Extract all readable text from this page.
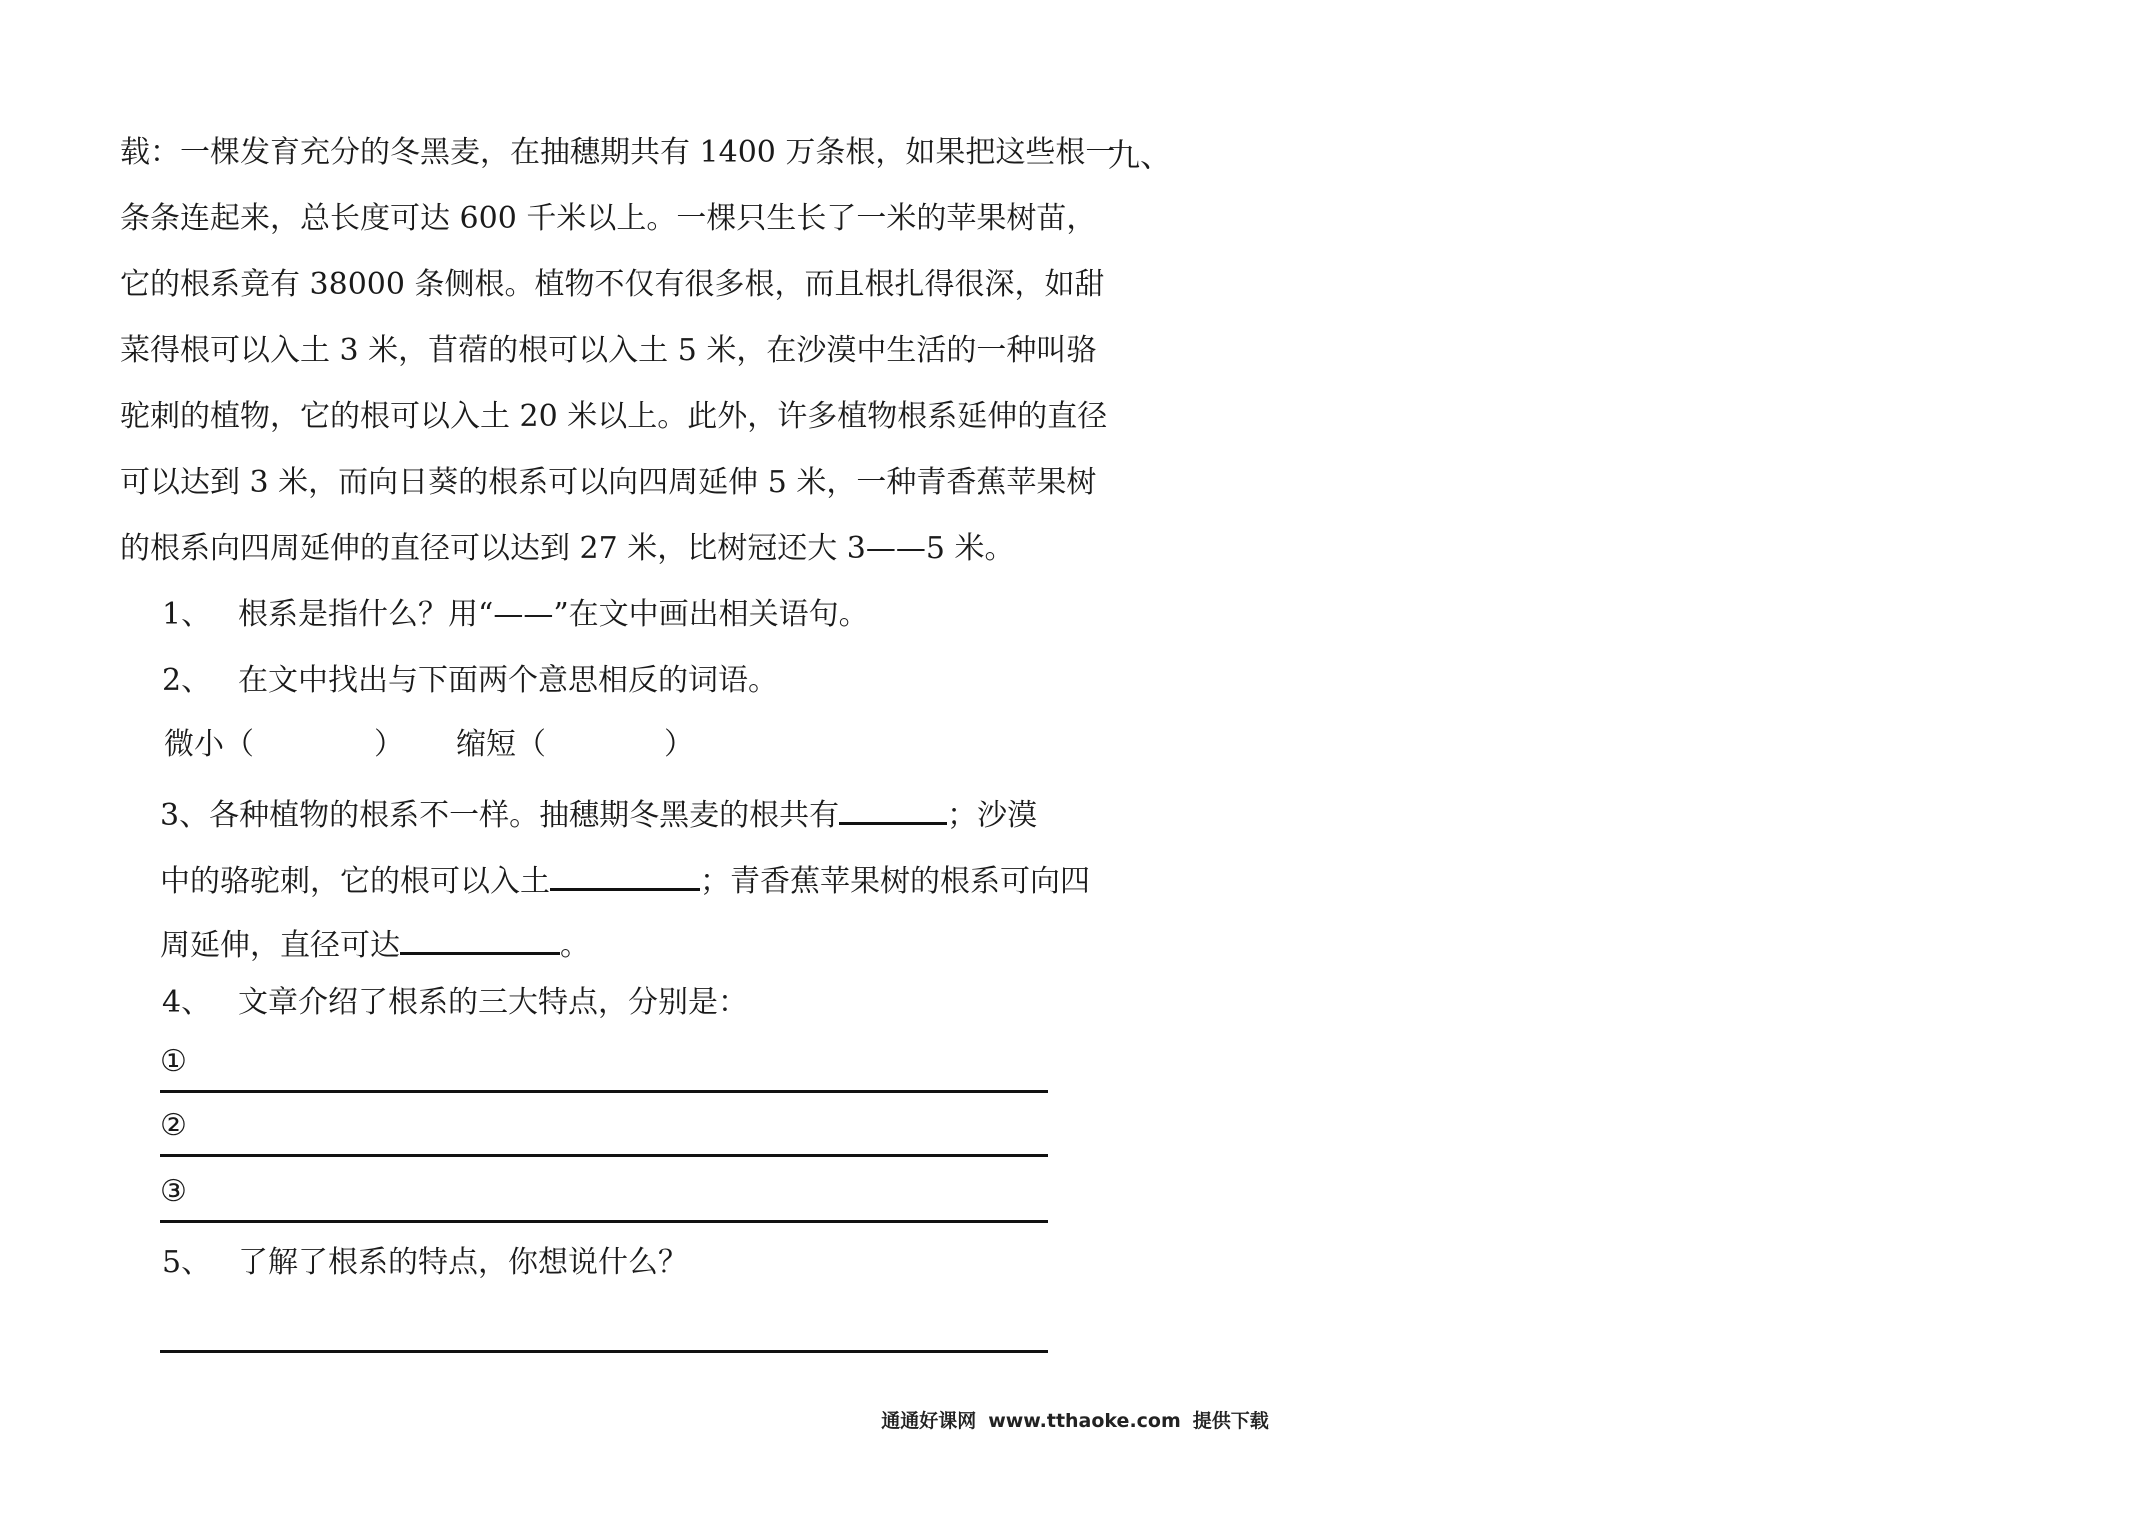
载：一棵发育充分的冬黑麦，在抽穗期共有 1400 万条根，如果把这些根一
条条连起来，总长度可达 600 千米以上。一棵只生长了一米的苹果树苗，
它的根系竟有 38000 条侧根。植物不仅有很多根，而且根扎得很深，如甜
菜得根可以入土 3 米，苜蓿的根可以入土 5 米，在沙漠中生活的一种叫骆
驼刺的植物，它的根可以入土 20 米以上。此外，许多植物根系延伸的直径
可以达到 3 米，而向日葵的根系可以向四周延伸 5 米，一种青香蕉苹果树
的根系向四周延伸的直径可以达到 27 米，比树冠还大 3——5 米。
九、
1、 根系是指什么？用“——”在文中画出相关语句。
2、 在文中找出与下面两个意思相反的词语。
微小（	） 缩短（	）
3、各种植物的根系不一样。抽穗期冬黑麦的根共有	；沙漠
中的骆驼刺，它的根可以入土	；青香蕉苹果树的根系可向四
周延伸，直径可达	。
4、 文章介绍了根系的三大特点，分别是：
①
②
③
5、 了解了根系的特点，你想说什么？
通通好课网 www.tthaoke.com 提供下载
